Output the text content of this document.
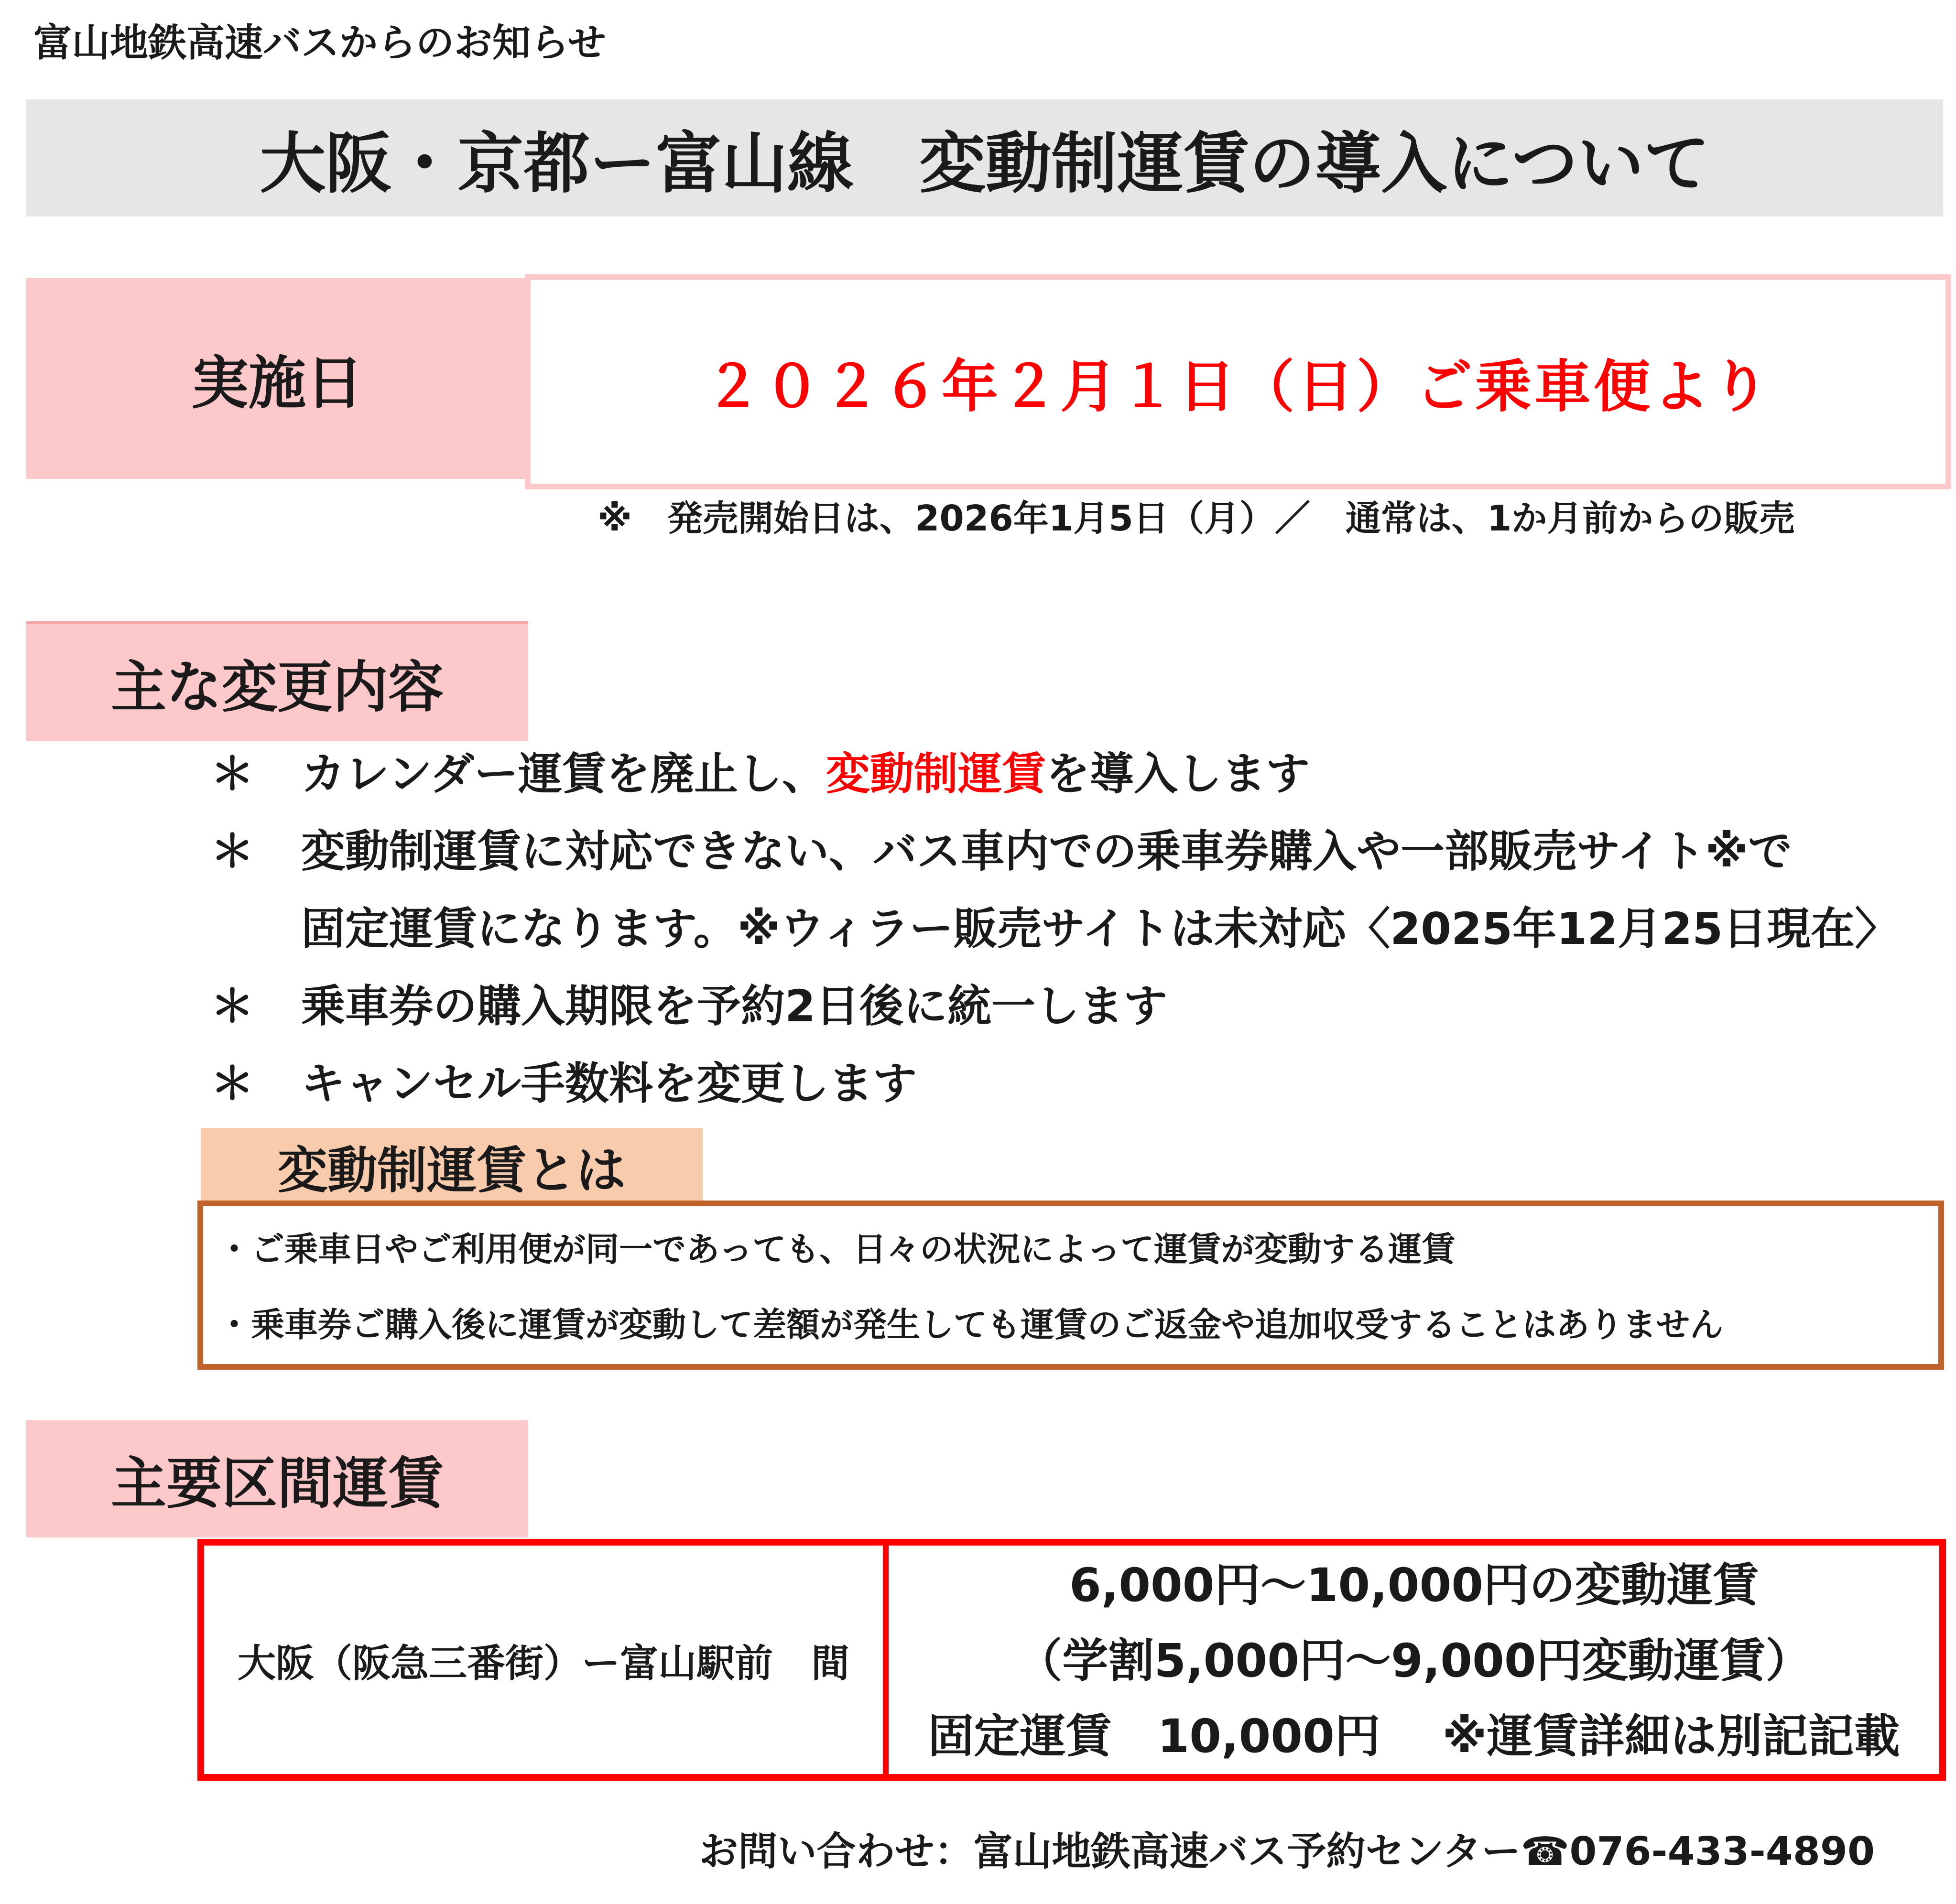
富山地鉄高速バスからのお知らせ
大阪・京都ー富山線　変動制運賃の導入について
実施日	２０２６年２月１日（日）ご乗車便より
※　発売開始日は、2026年1月5日（月）／　通常は、1か月前からの販売
主な変更内容
＊	カレンダー運賃を廃止し、変動制運賃を導入します
＊	変動制運賃に対応できない、バス車内での乗車券購入や一部販売サイト※で
固定運賃になります。※ウィラー販売サイトは未対応〈2025年12月25日現在〉
＊	乗車券の購入期限を予約2日後に統一します
＊	キャンセル手数料を変更します
変動制運賃とは
・ご乗車日やご利用便が同一であっても、日々の状況によって運賃が変動する運賃
・乗車券ご購入後に運賃が変動して差額が発生しても運賃のご返金や追加収受することはありません
主要区間運賃
大阪（阪急三番街）ー富山駅前　間
6,000円～10,000円の変動運賃
（学割5,000円～9,000円変動運賃）
固定運賃　10,000円　 ※運賃詳細は別記記載
お問い合わせ：富山地鉄高速バス予約センター☎076-433-4890
